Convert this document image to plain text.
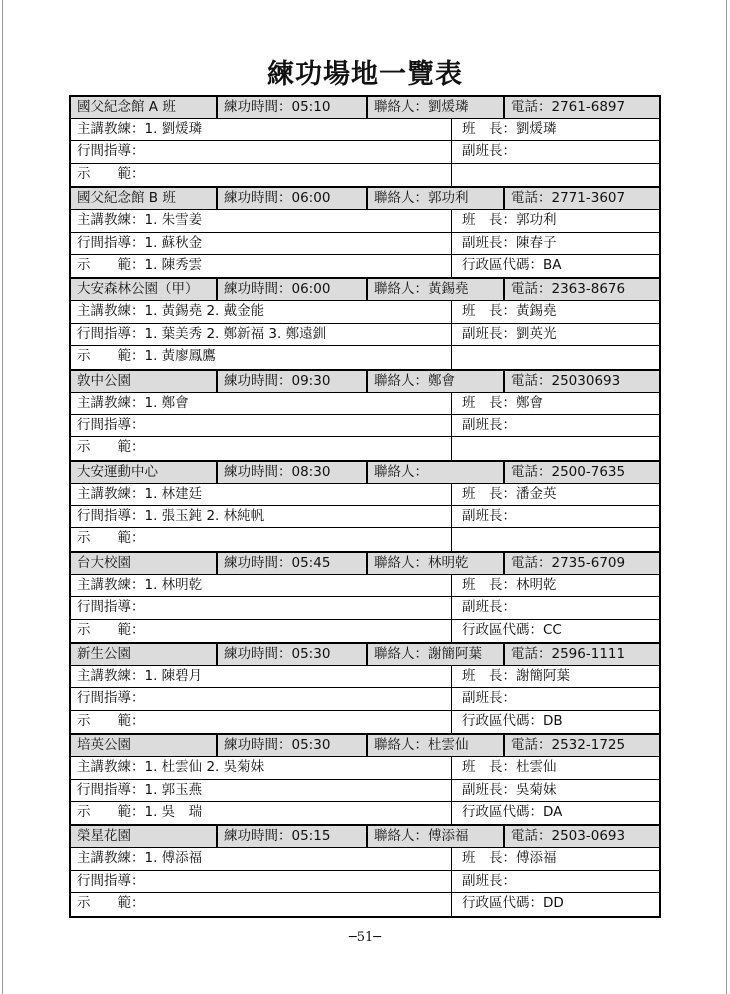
練功場地一覽表
國父紀念館 A 班	練功時間：05:10	聯絡人：劉煖璘	電話：2761-6897
主講教練：1. 劉煖璘	班　長：劉煖璘
行間指導：	副班長：
示　　範：
國父紀念館 B 班	練功時間：06:00	聯絡人：郭功利	電話：2771-3607
主講教練：1. 朱雪姜	班　長：郭功利
行間指導：1. 蘇秋金	副班長：陳春子
示　　範：1. 陳秀雲	行政區代碼：BA
大安森林公園（甲）	練功時間：06:00	聯絡人：黃錫堯	電話：2363-8676
主講教練：1. 黃錫堯 2. 戴金能	班　長：黃錫堯
行間指導：1. 葉美秀 2. 鄭新福 3. 鄭遠釧	副班長：劉英光
示　　範：1. 黃廖鳳鷹
敦中公園	練功時間：09:30	聯絡人：鄭會	電話：25030693
主講教練：1. 鄭會	班　長：鄭會
行間指導：	副班長：
示　　範：
大安運動中心	練功時間：08:30	聯絡人：	電話：2500-7635
主講教練：1. 林建廷	班　長：潘金英
行間指導：1. 張玉鈍 2. 林純帆	副班長：
示　　範：
台大校園	練功時間：05:45	聯絡人：林明乾	電話：2735-6709
主講教練：1. 林明乾	班　長：林明乾
行間指導：	副班長：
示　　範：	行政區代碼：CC
新生公園	練功時間：05:30	聯絡人：謝簡阿葉	電話：2596-1111
主講教練：1. 陳碧月	班　長：謝簡阿葉
行間指導：	副班長：
示　　範：	行政區代碼：DB
培英公園	練功時間：05:30	聯絡人：杜雲仙	電話：2532-1725
主講教練：1. 杜雲仙 2. 吳菊妹	班　長：杜雲仙
行間指導：1. 郭玉燕	副班長：吳菊妹
示　　範：1. 吳　瑞	行政區代碼：DA
榮星花園	練功時間：05:15	聯絡人：傅添福	電話：2503-0693
主講教練：1. 傅添福	班　長：傅添福
行間指導：	副班長：
示　　範：	行政區代碼：DD
─51─
